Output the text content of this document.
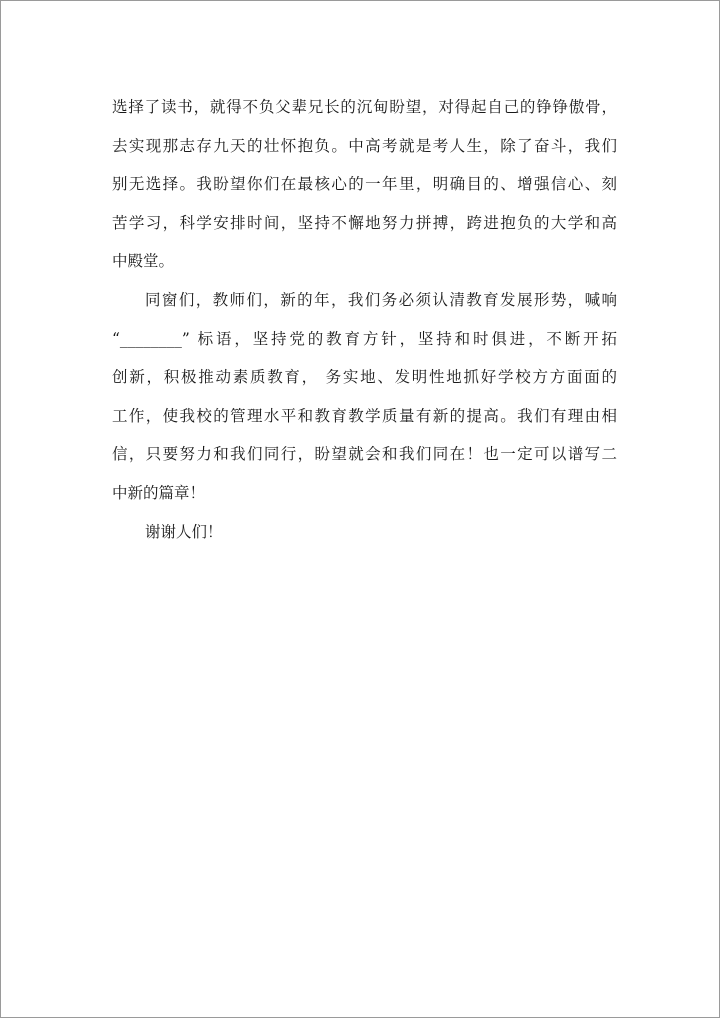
选择了读书，就得不负父辈兄长的沉甸盼望，对得起自己的铮铮傲骨，
去实现那志存九天的壮怀抱负。中高考就是考人生，除了奋斗，我们
别无选择。我盼望你们在最核心的一年里，明确目的、增强信心、刻
苦学习，科学安排时间，坚持不懈地努力拼搏，跨进抱负的大学和高
中殿堂。
同窗们，教师们，新的年，我们务必须认清教育发展形势，喊响
“________” 标语，坚持党的教育方针，坚持和时俱进，不断开拓
创新，积极推动素质教育， 务实地、发明性地抓好学校方方面面的
工作，使我校的管理水平和教育教学质量有新的提高。我们有理由相
信，只要努力和我们同行，盼望就会和我们同在！也一定可以谱写二
中新的篇章！
谢谢人们！
